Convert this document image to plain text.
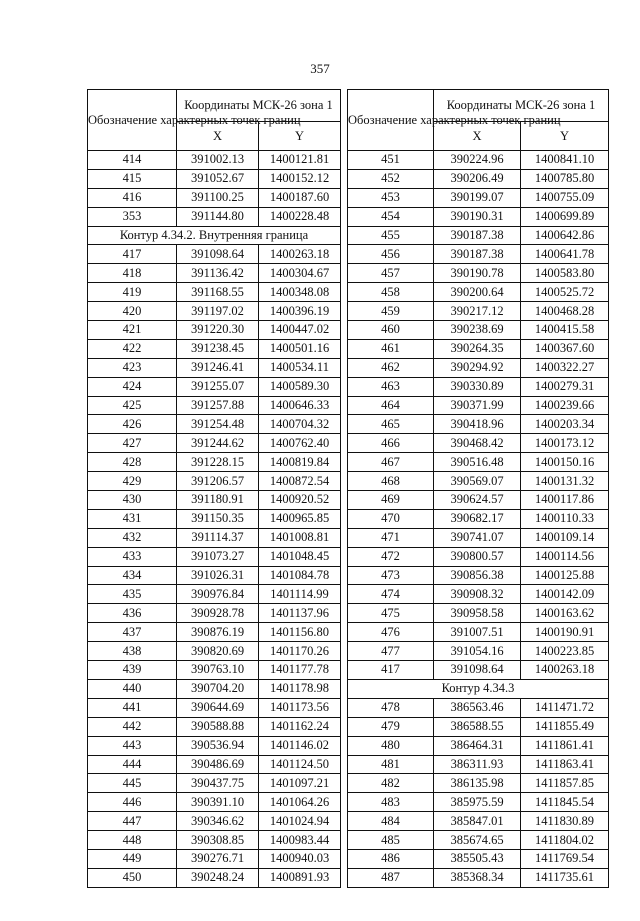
357
Обозначение характерных точек границ	Координаты МСК-26 зона 1	
	X	Y
414	391002.13	1400121.81
415	391052.67	1400152.12
416	391100.25	1400187.60
353	391144.80	1400228.48
Контур 4.34.2. Внутренняя граница		
417	391098.64	1400263.18
418	391136.42	1400304.67
419	391168.55	1400348.08
420	391197.02	1400396.19
421	391220.30	1400447.02
422	391238.45	1400501.16
423	391246.41	1400534.11
424	391255.07	1400589.30
425	391257.88	1400646.33
426	391254.48	1400704.32
427	391244.62	1400762.40
428	391228.15	1400819.84
429	391206.57	1400872.54
430	391180.91	1400920.52
431	391150.35	1400965.85
432	391114.37	1401008.81
433	391073.27	1401048.45
434	391026.31	1401084.78
435	390976.84	1401114.99
436	390928.78	1401137.96
437	390876.19	1401156.80
438	390820.69	1401170.26
439	390763.10	1401177.78
440	390704.20	1401178.98
441	390644.69	1401173.56
442	390588.88	1401162.24
443	390536.94	1401146.02
444	390486.69	1401124.50
445	390437.75	1401097.21
446	390391.10	1401064.26
447	390346.62	1401024.94
448	390308.85	1400983.44
449	390276.71	1400940.03
450	390248.24	1400891.93
Обозначение характерных точек границ	Координаты МСК-26 зона 1	
	X	Y
451	390224.96	1400841.10
452	390206.49	1400785.80
453	390199.07	1400755.09
454	390190.31	1400699.89
455	390187.38	1400642.86
456	390187.38	1400641.78
457	390190.78	1400583.80
458	390200.64	1400525.72
459	390217.12	1400468.28
460	390238.69	1400415.58
461	390264.35	1400367.60
462	390294.92	1400322.27
463	390330.89	1400279.31
464	390371.99	1400239.66
465	390418.96	1400203.34
466	390468.42	1400173.12
467	390516.48	1400150.16
468	390569.07	1400131.32
469	390624.57	1400117.86
470	390682.17	1400110.33
471	390741.07	1400109.14
472	390800.57	1400114.56
473	390856.38	1400125.88
474	390908.32	1400142.09
475	390958.58	1400163.62
476	391007.51	1400190.91
477	391054.16	1400223.85
417	391098.64	1400263.18
Контур 4.34.3		
478	386563.46	1411471.72
479	386588.55	1411855.49
480	386464.31	1411861.41
481	386311.93	1411863.41
482	386135.98	1411857.85
483	385975.59	1411845.54
484	385847.01	1411830.89
485	385674.65	1411804.02
486	385505.43	1411769.54
487	385368.34	1411735.61
